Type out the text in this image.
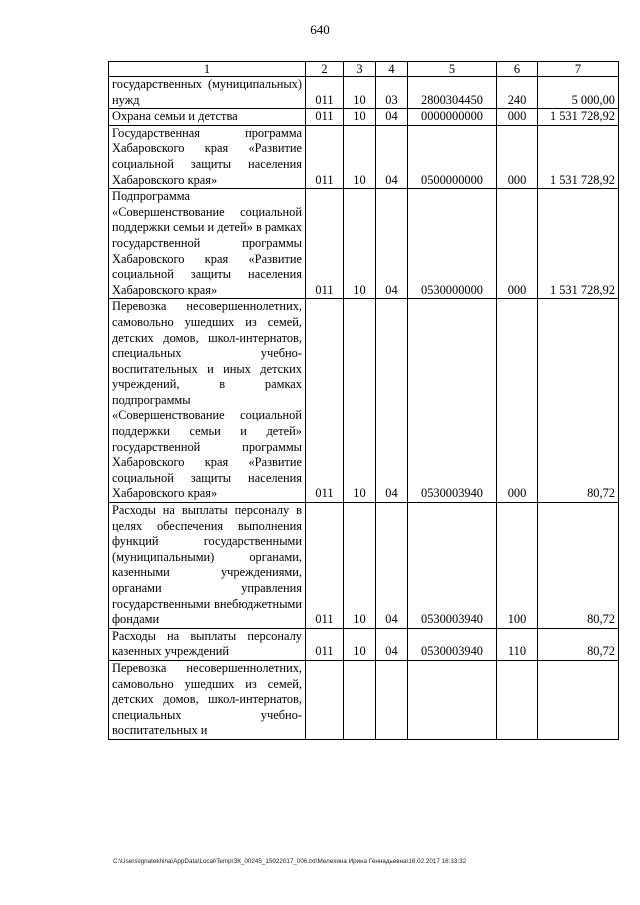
640
1	2	3	4	5	6	7
государственных (муниципальных) нужд	011	10	03	2800304450	240	5 000,00
Охрана семьи и детства	011	10	04	0000000000	000	1 531 728,92
Государственная программа Хабаровского края «Развитие социальной защиты населения Хабаровского края»	011	10	04	0500000000	000	1 531 728,92
Подпрограмма «Совершенствование социальной поддержки семьи и детей» в рамках государственной программы Хабаровского края «Развитие социальной защиты населения Хабаровского края»	011	10	04	0530000000	000	1 531 728,92
Перевозка несовершеннолетних, самовольно ушедших из семей, детских домов, школ-интернатов, специальных учебно-воспитательных и иных детских учреждений, в рамках подпрограммы «Совершенствование социальной поддержки семьи и детей» государственной программы Хабаровского края «Развитие социальной защиты населения Хабаровского края»	011	10	04	0530003940	000	80,72
Расходы на выплаты персоналу в целях обеспечения выполнения функций государственными (муниципальными) органами, казенными учреждениями, органами управления государственными внебюджетными фондами	011	10	04	0530003940	100	80,72
Расходы на выплаты персоналу казенных учреждений	011	10	04	0530003940	110	80,72
Перевозка несовершеннолетних, самовольно ушедших из семей, детских домов, школ-интернатов, специальных учебно-воспитательных и						
C:\Users\ignatekhina\AppData\Local\Temp\ЗК_00245_15022017_006.txt\Мелехина Ирина Геннадьевна\16.02.2017 16:33:32
